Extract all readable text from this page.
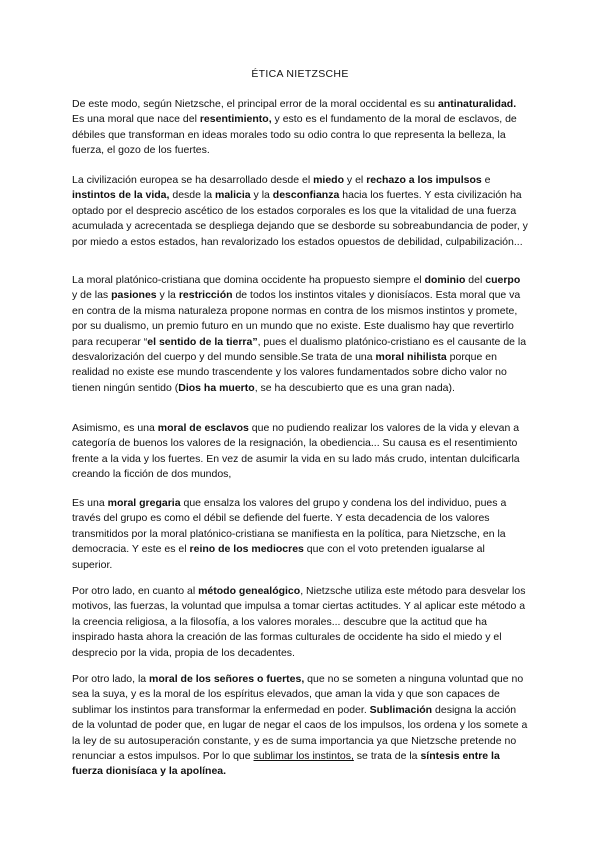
ÉTICA NIETZSCHE

De este modo, según Nietzsche, el principal error de la moral occidental es su antinaturalidad. Es una moral que nace del resentimiento, y esto es el fundamento de la moral de esclavos, de débiles que transforman en ideas morales todo su odio contra lo que representa la belleza, la fuerza, el gozo de los fuertes.

La civilización europea se ha desarrollado desde el miedo y el rechazo a los impulsos e instintos de la vida, desde la malicia y la desconfianza hacia los fuertes. Y esta civilización ha optado por el desprecio ascético de los estados corporales es los que la vitalidad de una fuerza acumulada y acrecentada se despliega dejando que se desborde su sobreabundancia de poder, y por miedo a estos estados, han revalorizado los estados opuestos de debilidad, culpabilización...

La moral platónico-cristiana que domina occidente ha propuesto siempre el dominio del cuerpo y de las pasiones y la restricción de todos los instintos vitales y dionisíacos. Esta moral que va en contra de la misma naturaleza propone normas en contra de los mismos instintos y promete, por su dualismo, un premio futuro en un mundo que no existe. Este dualismo hay que revertirlo para recuperar “el sentido de la tierra”, pues el dualismo platónico-cristiano es el causante de la desvalorización del cuerpo y del mundo sensible.Se trata de una moral nihilista porque en realidad no existe ese mundo trascendente y los valores fundamentados sobre dicho valor no tienen ningún sentido (Dios ha muerto, se ha descubierto que es una gran nada).

Asimismo, es una moral de esclavos que no pudiendo realizar los valores de la vida y elevan a categoría de buenos los valores de la resignación, la obediencia... Su causa es el resentimiento frente a la vida y los fuertes. En vez de asumir la vida en su lado más crudo, intentan dulcificarla creando la ficción de dos mundos,

Es una moral gregaria que ensalza los valores del grupo y condena los del individuo, pues a través del grupo es como el débil se defiende del fuerte. Y esta decadencia de los valores transmitidos por la moral platónico-cristiana se manifiesta en la política, para Nietzsche, en la democracia. Y este es el reino de los mediocres que con el voto pretenden igualarse al superior.

Por otro lado, en cuanto al método genealógico, Nietzsche utiliza este método para desvelar los motivos, las fuerzas, la voluntad que impulsa a tomar ciertas actitudes. Y al aplicar este método a la creencia religiosa, a la filosofía, a los valores morales... descubre que la actitud que ha inspirado hasta ahora la creación de las formas culturales de occidente ha sido el miedo y el desprecio por la vida, propia de los decadentes.

Por otro lado, la moral de los señores o fuertes, que no se someten a ninguna voluntad que no sea la suya, y es la moral de los espíritus elevados, que aman la vida y que son capaces de sublimar los instintos para transformar la enfermedad en poder. Sublimación designa la acción de la voluntad de poder que, en lugar de negar el caos de los impulsos, los ordena y los somete a la ley de su autosuperación constante, y es de suma importancia ya que Nietzsche pretende no renunciar a estos impulsos. Por lo que sublimar los instintos, se trata de la síntesis entre la fuerza dionisíaca y la apolínea.
